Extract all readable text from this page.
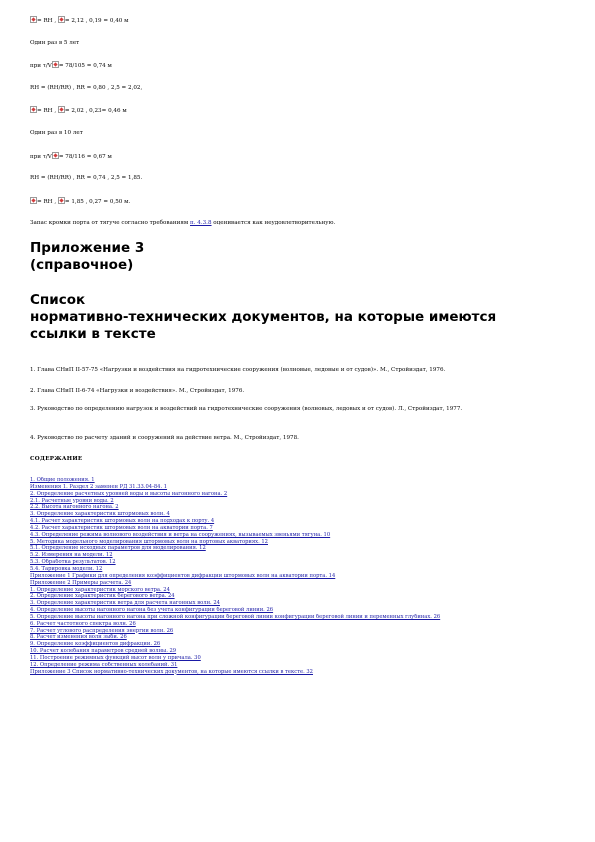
= RH , = 2,12 , 0,19 = 0,40 м
Один раз в 5 лет
при τ/V = 78/105 = 0,74 м
RH = (RH/RR) , RR = 0,80 , 2,5 = 2,02,
= RH , = 2,02 , 0,23= 0,46 м
Один раз в 10 лет
при τ/V = 78/116 = 0,67 м
RH = (RH/RR) , RR = 0,74 , 2,5 = 1,85.
= RH , = 1,85 , 0,27 = 0,50 м.
Запас кромки порта от тягуче согласно требованиям п. 4.3.8 оценивается как неудовлетворительную.
Приложение 3
(справочное)
Список
нормативно-технических документов, на которые имеются
ссылки в тексте

1. Глава СНиП II-57-75 «Нагрузки и воздействия на гидротехнические сооружения (волновые, ледовые и от судов)». М., Стройиздат, 1976.

2. Глава СНиП II-6-74 «Нагрузки и воздействия». М., Стройиздат, 1976.

3. Руководство по определению нагрузок и воздействий на гидротехнические сооружения (волновых, ледовых и от судов). Л., Стройиздат, 1977.

4. Руководство по расчету зданий и сооружений на действие ветра. М., Стройиздат, 1978.

СОДЕРЖАНИЕ
1. Общие положения. 1
Изменения 1. Раздел 2 заменен РД 31.33.04-84. 1
2. Определение расчетных уровней воды и высоты нагонного нагона. 2
2.1. Расчетные уровни воды. 2
2.2. Высота нагонного нагона. 2
3. Определение характеристик штормовых волн. 4
4.1. Расчет характеристик штормовых волн на подходах к порту. 4
4.2. Расчет характеристик штормовых волн на акватории порта. 7
4.3. Определение режима волнового воздействия и ветра на сооружениях, вызываемых звеньями тягуна. 10
5. Методика модельного моделирования штормовых волн на портовых акваториях. 12
5.1. Определение исходных параметров для моделирования. 12
5.2. Измерения на модели. 12
5.3. Обработка результатов. 12
5.4. Тарировка модели. 12
Приложение 1 Графики для определения коэффициентов дифракции штормовых волн на акватории порта. 14
Приложение 2 Примеры расчета. 24
1. Определение характеристик морского ветра. 24
2. Определение характеристик берегового ветра. 24
3. Определение характеристик ветра для расчета нагонных волн. 24
4. Определение высоты нагонного нагона без учета конфигурации береговой линии. 26
5. Определение высоты нагонного нагона при сложной конфигурации береговой линии конфигурации береговой линии и переменных глубинах. 26
6. Расчет частотного спектра волн. 26
7. Расчет углового распределения энергии волн. 26
8. Расчет изменения волн зыби. 26
9. Определение коэффициентов дифракции. 26
10. Расчет колебания параметров средней волны. 29
11. Построение режимных функций высот волн у причала. 30
12. Определение режима собственных колебаний. 31
Приложение 3 Список нормативно-технических документов, на которые имеются ссылки в тексте. 32
